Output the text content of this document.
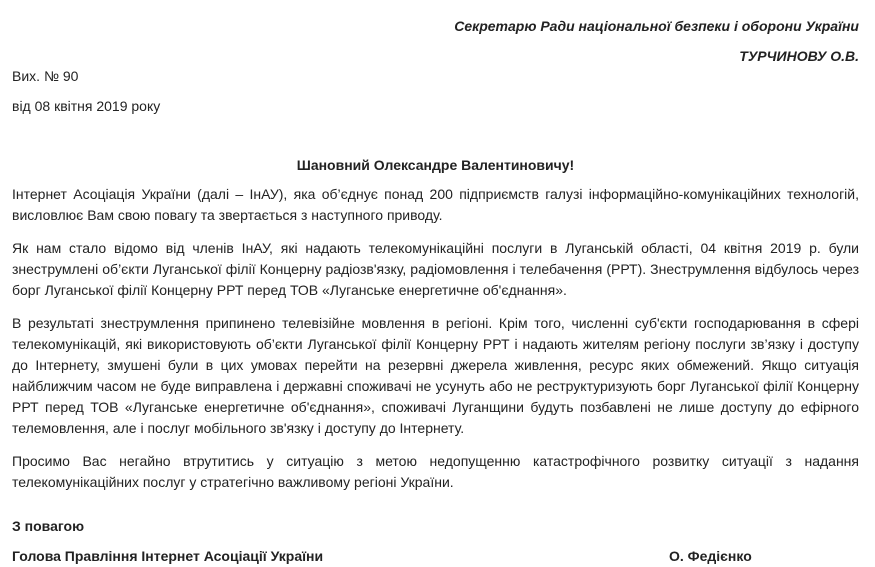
Секретарю Ради національної безпеки і оборони України
ТУРЧИНОВУ О.В.
Вих. № 90
від 08 квітня 2019 року
Шановний Олександре Валентиновичу!

Інтернет Асоціація України (далі – ІнАУ), яка об’єднує понад 200 підприємств галузі інформаційно-комунікаційних технологій, висловлює Вам свою повагу та звертається з наступного приводу.

Як нам стало відомо від членів ІнАУ, які надають телекомунікаційні послуги в Луганській області, 04 квітня 2019 р. були знеструмлені об’єкти Луганської філії Концерну радіозв'язку, радіомовлення і телебачення (РРТ). Знеструмлення відбулось через борг Луганської філії Концерну РРТ перед ТОВ «Луганське енергетичне об'єднання».

В результаті знеструмлення припинено телевізійне мовлення в регіоні. Крім того, численні суб'єкти господарювання в сфері телекомунікацій, які використовують об’єкти Луганської філії Концерну РРТ і надають жителям регіону послуги зв’язку і доступу до Інтернету, змушені були в цих умовах перейти на резервні джерела живлення, ресурс яких обмежений. Якщо ситуація найближчим часом не буде виправлена і державні споживачі не усунуть або не реструктуризують борг Луганської філії Концерну РРТ перед ТОВ «Луганське енергетичне об'єднання», споживачі Луганщини будуть позбавлені не лише доступу до ефірного телемовлення, але і послуг мобільного зв'язку і доступу до Інтернету.

Просимо Вас негайно втрутитись у ситуацію з метою недопущенню катастрофічного розвитку ситуації з надання телекомунікаційних послуг у стратегічно важливому регіоні України.

З повагою
Голова Правління Інтернет Асоціації України	О. Федієнко
